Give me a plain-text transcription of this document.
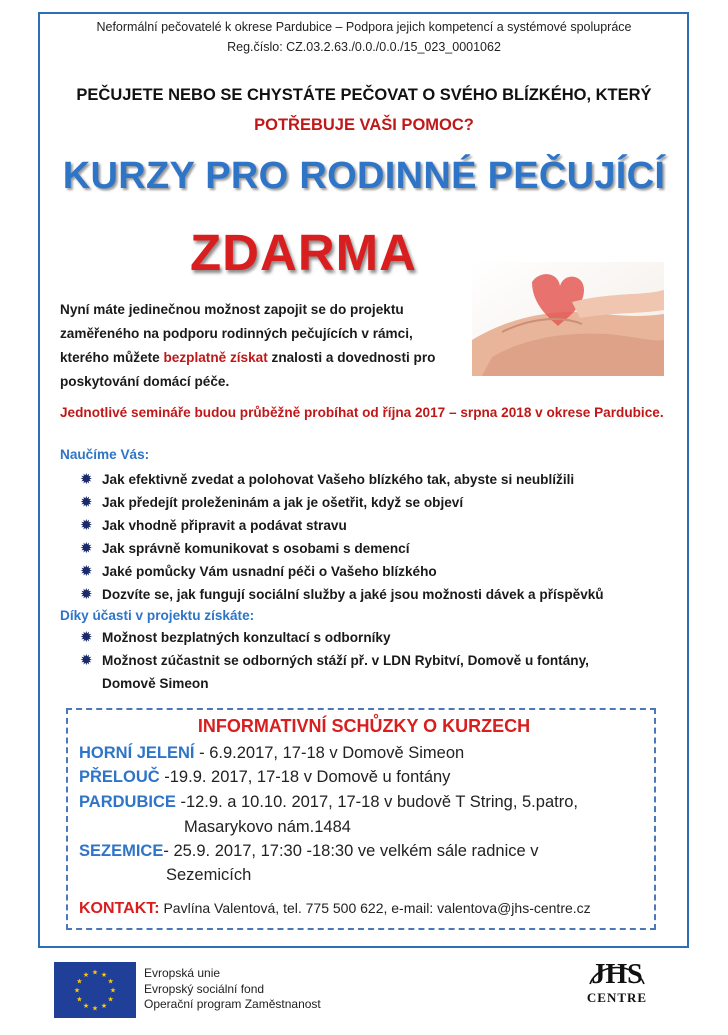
Neformální pečovatelé k okrese Pardubice – Podpora jejich kompetencí a systémové spolupráce
Reg.číslo: CZ.03.2.63./0.0./0.0./15_023_0001062
PEČUJETE NEBO SE CHYSTÁTE PEČOVAT O SVÉHO BLÍZKÉHO, KTERÝ
POTŘEBUJE VAŠI POMOC?
KURZY PRO RODINNÉ PEČUJÍCÍ
ZDARMA
Nyní máte jedinečnou možnost zapojit se do projektu zaměřeného na podporu rodinných pečujících v rámci, kterého můžete bezplatně získat znalosti a dovednosti pro poskytování domácí péče.
Jednotlivé semináře budou průběžně probíhat od října 2017 – srpna 2018 v okrese Pardubice.
Naučíme Vás:
✹ Jak efektivně zvedat a polohovat Vašeho blízkého tak, abyste si neublížili
✹ Jak předejít proleženinám a jak je ošetřit, když se objeví
✹ Jak vhodně připravit a podávat stravu
✹ Jak správně komunikovat s osobami s demencí
✹ Jaké pomůcky Vám usnadní péči o Vašeho blízkého
✹ Dozvíte se, jak fungují sociální služby a jaké jsou možnosti dávek a příspěvků
Díky účasti v projektu získáte:
✹ Možnost bezplatných konzultací s odborníky
✹ Možnost zúčastnit se odborných stáží př. v LDN Rybitví, Domově u fontány,
Domově Simeon
INFORMATIVNÍ SCHŮZKY O KURZECH
HORNÍ JELENÍ - 6.9.2017, 17-18 v Domově Simeon
PŘELOUČ -19.9. 2017, 17-18 v Domově u fontány
PARDUBICE -12.9. a 10.10. 2017, 17-18 v budově T String, 5.patro,
Masarykovo nám.1484
SEZEMICE- 25.9. 2017, 17:30 -18:30 ve velkém sále radnice v
Sezemicích
KONTAKT: Pavlína Valentová, tel. 775 500 622, e-mail: valentova@jhs-centre.cz
★
★
★
★
★
★
★
★
★ ★ ★
★
Evropská unie
Evropský sociální fond
Operační program Zaměstnanost
JHS
CENTRE
